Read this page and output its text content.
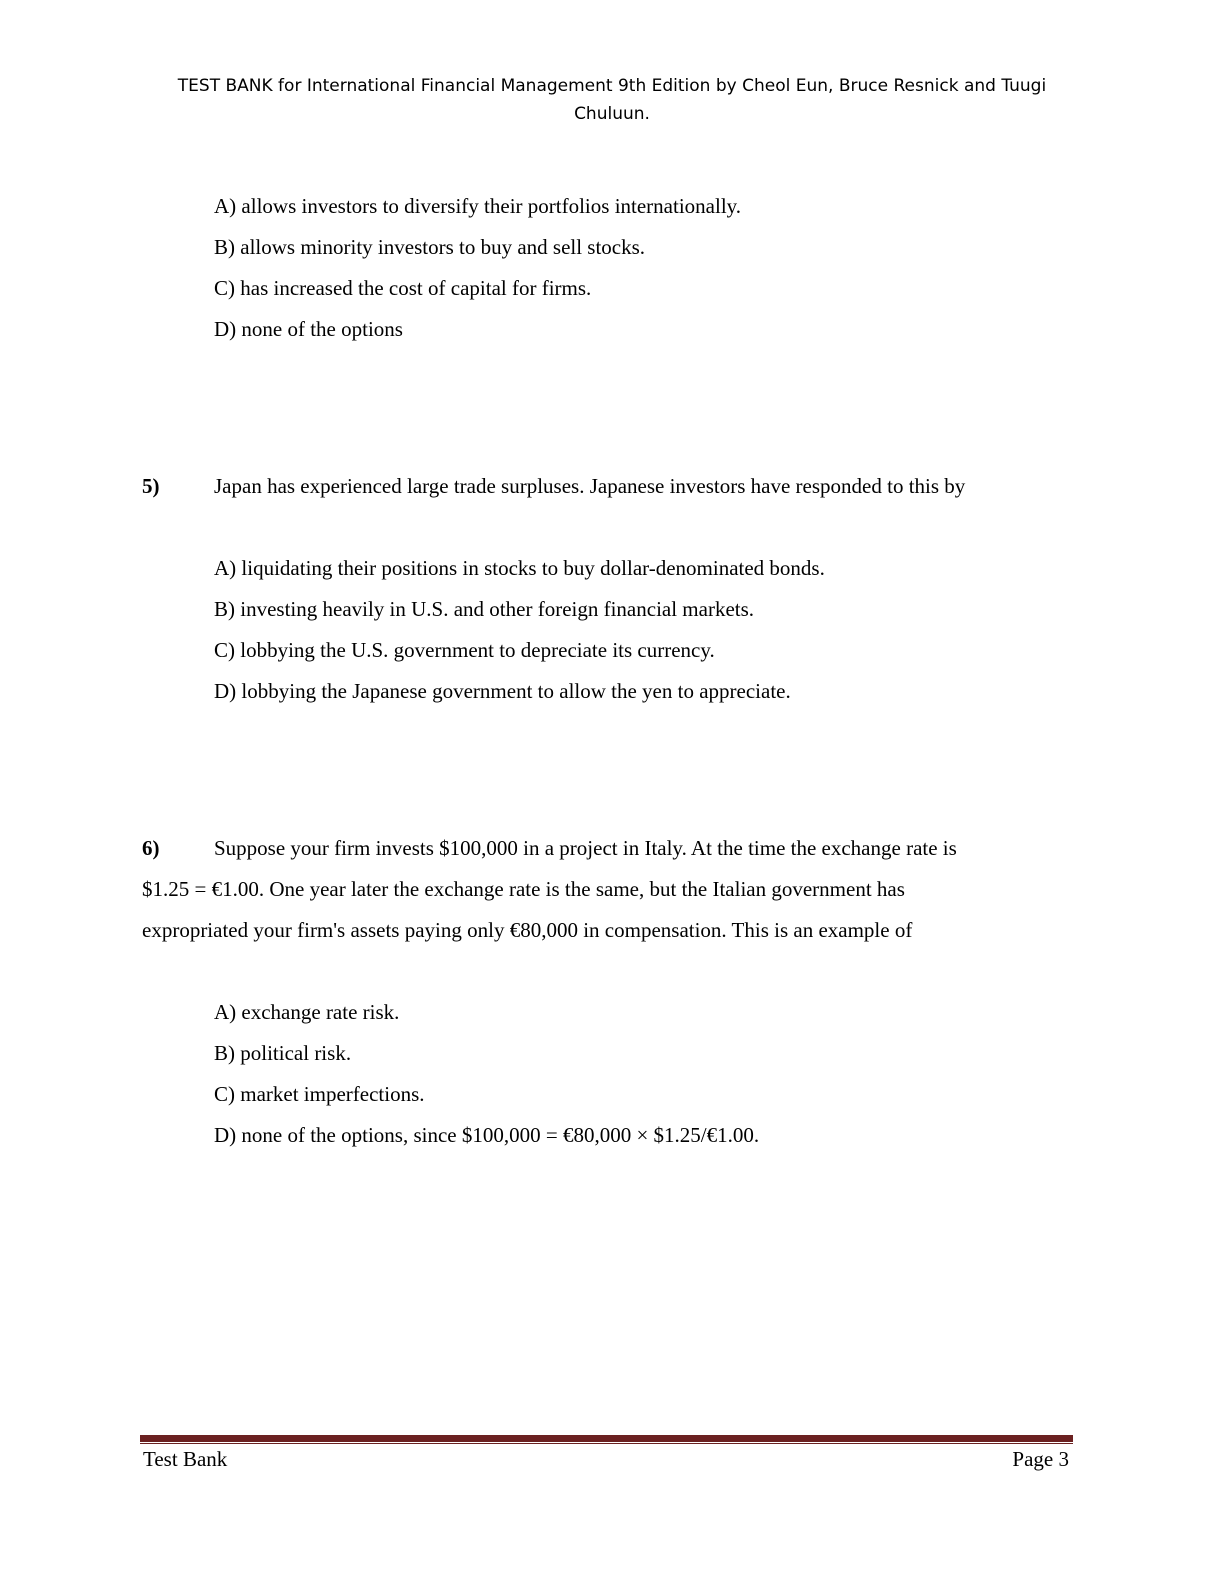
TEST BANK for International Financial Management 9th Edition by Cheol Eun, Bruce Resnick and Tuugi
Chuluun.
A) allows investors to diversify their portfolios internationally.
B) allows minority investors to buy and sell stocks.
C) has increased the cost of capital for firms.
D) none of the options
5)	Japan has experienced large trade surpluses. Japanese investors have responded to this by
A) liquidating their positions in stocks to buy dollar-denominated bonds.
B) investing heavily in U.S. and other foreign financial markets.
C) lobbying the U.S. government to depreciate its currency.
D) lobbying the Japanese government to allow the yen to appreciate.
6)	Suppose your firm invests $100,000 in a project in Italy. At the time the exchange rate is
$1.25 = €1.00. One year later the exchange rate is the same, but the Italian government has
expropriated your firm's assets paying only €80,000 in compensation. This is an example of
A) exchange rate risk.
B) political risk.
C) market imperfections.
D) none of the options, since $100,000 = €80,000 × $1.25/€1.00.
Test Bank	Page 3
